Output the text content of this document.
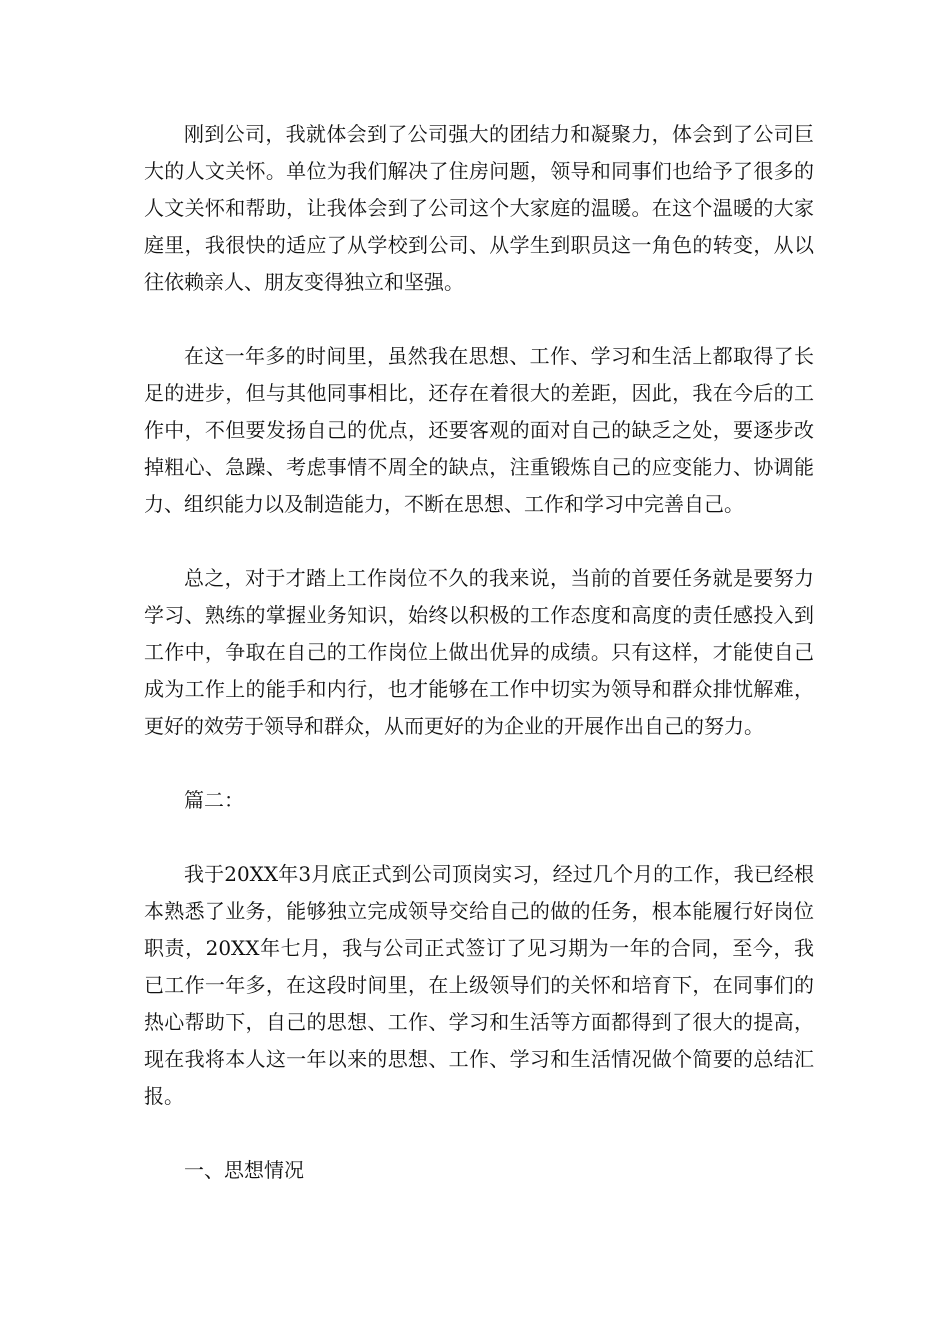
刚到公司，我就体会到了公司强大的团结力和凝聚力，体会到了公司巨大的人文关怀。单位为我们解决了住房问题，领导和同事们也给予了很多的人文关怀和帮助，让我体会到了公司这个大家庭的温暖。在这个温暖的大家庭里，我很快的适应了从学校到公司、从学生到职员这一角色的转变，从以往依赖亲人、朋友变得独立和坚强。

在这一年多的时间里，虽然我在思想、工作、学习和生活上都取得了长足的进步，但与其他同事相比，还存在着很大的差距，因此，我在今后的工作中，不但要发扬自己的优点，还要客观的面对自己的缺乏之处，要逐步改掉粗心、急躁、考虑事情不周全的缺点，注重锻炼自己的应变能力、协调能力、组织能力以及制造能力，不断在思想、工作和学习中完善自己。

总之，对于才踏上工作岗位不久的我来说，当前的首要任务就是要努力学习、熟练的掌握业务知识，始终以积极的工作态度和高度的责任感投入到工作中，争取在自己的工作岗位上做出优异的成绩。只有这样，才能使自己成为工作上的能手和内行，也才能够在工作中切实为领导和群众排忧解难，更好的效劳于领导和群众，从而更好的为企业的开展作出自己的努力。

篇二：

我于20XX年3月底正式到公司顶岗实习，经过几个月的工作，我已经根本熟悉了业务，能够独立完成领导交给自己的做的任务，根本能履行好岗位职责，20XX年七月，我与公司正式签订了见习期为一年的合同，至今，我已工作一年多，在这段时间里，在上级领导们的关怀和培育下，在同事们的热心帮助下，自己的思想、工作、学习和生活等方面都得到了很大的提高，现在我将本人这一年以来的思想、工作、学习和生活情况做个简要的总结汇报。

一、思想情况
